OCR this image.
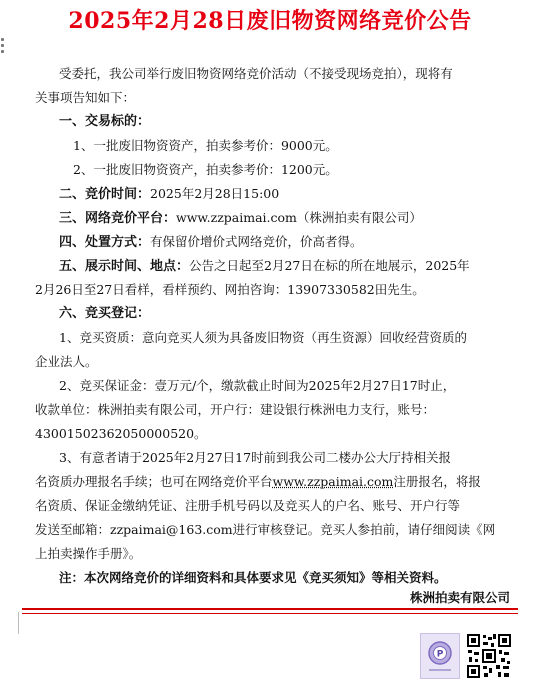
2025年2月28日废旧物资网络竞价公告
受委托，我公司举行废旧物资网络竞价活动（不接受现场竞拍），现将有
关事项告知如下：
一、交易标的：
1、一批废旧物资资产，拍卖参考价：9000元。
2、一批废旧物资资产，拍卖参考价：1200元。
二、竞价时间：2025年2月28日15:00
三、网络竞价平台：www.zzpaimai.com（株洲拍卖有限公司）
四、处置方式：有保留价增价式网络竞价，价高者得。
五、展示时间、地点：公告之日起至2月27日在标的所在地展示，2025年
2月26日至27日看样，看样预约、网拍咨询：13907330582田先生。
六、竞买登记：
1、竞买资质：意向竞买人须为具备废旧物资（再生资源）回收经营资质的
企业法人。
2、竞买保证金：壹万元/个，缴款截止时间为2025年2月27日17时止，
收款单位：株洲拍卖有限公司，开户行：建设银行株洲电力支行，账号：
43001502362050000520。
3、有意者请于2025年2月27日17时前到我公司二楼办公大厅持相关报
名资质办理报名手续；也可在网络竞价平台www.zzpaimai.com注册报名，将报
名资质、保证金缴纳凭证、注册手机号码以及竞买人的户名、账号、开户行等
发送至邮箱：zzpaimai@163.com进行审核登记。竞买人参拍前，请仔细阅读《网
上拍卖操作手册》。
注：本次网络竞价的详细资料和具体要求见《竞买须知》等相关资料。
株洲拍卖有限公司
P
